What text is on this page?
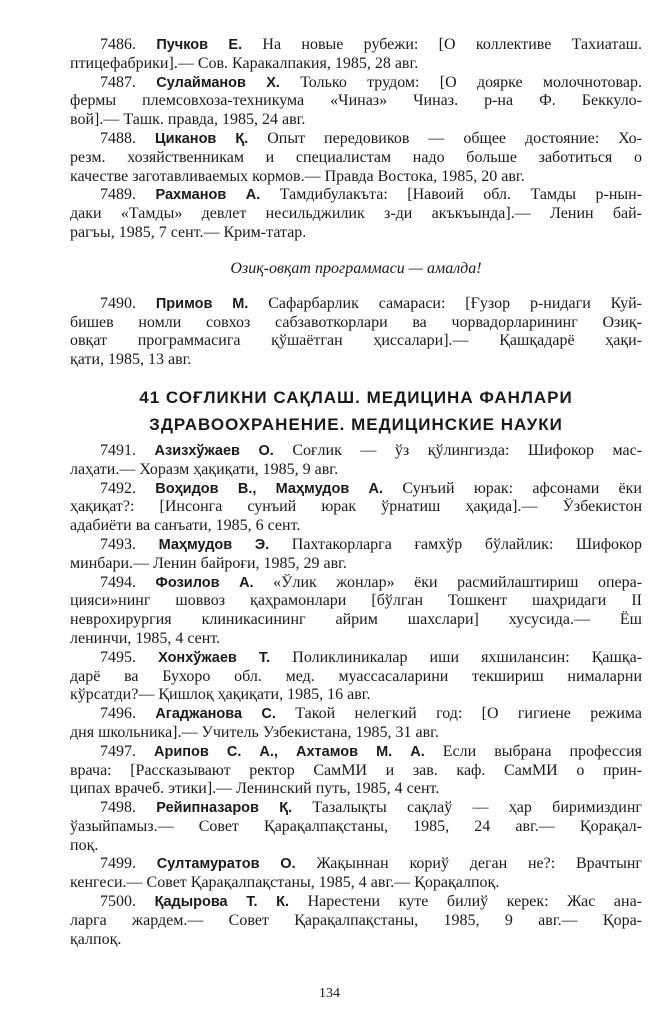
7486. Пучков Е. На новые рубежи: [О коллективе Тахиаташ.
птицефабрики].— Сов. Каракалпакия, 1985, 28 авг.
7487. Сулайманов Х. Только трудом: [О доярке молочнотовар.
фермы племсовхоза-техникума «Чиназ» Чиназ. р-на Ф. Беккуло-
вой].— Ташк. правда, 1985, 24 авг.
7488. Циканов Қ. Опыт передовиков — общее достояние: Хо-
резм. хозяйственникам и специалистам надо больше заботиться о
качестве заготавливаемых кормов.— Правда Востока, 1985, 20 авг.
7489. Рахманов А. Тамдибулакъта: [Навоий обл. Тамды р-нын-
даки «Тамды» девлет несильджилик з-ди акъкъында].— Ленин бай-
рагъы, 1985, 7 сент.— Крим-татар.
Озиқ-овқат программаси — амалда!
7490. Примов М. Сафарбарлик самараси: [Ғузор р-нидаги Куй-
бишев номли совхоз сабзавоткорлари ва чорвадорларининг Озиқ-
овқат программасига қўшаётган ҳиссалари].— Қашқадарё ҳақи-
қати, 1985, 13 авг.
41 СОҒЛИКНИ САҚЛАШ. МЕДИЦИНА ФАНЛАРИ
ЗДРАВООХРАНЕНИЕ. МЕДИЦИНСКИЕ НАУКИ
7491. Азизхўжаев О. Соғлик — ўз қўлингизда: Шифокор мас-
лаҳати.— Хоразм ҳақиқати, 1985, 9 авг.
7492. Воҳидов В., Маҳмудов А. Сунъий юрак: афсонами ёки
ҳақиқат?: [Инсонга сунъий юрак ўрнатиш ҳақида].— Ўзбекистон
адабиёти ва санъати, 1985, 6 сент.
7493. Маҳмудов Э. Пахтакорларга ғамхўр бўлайлик: Шифокор
минбари.— Ленин байроғи, 1985, 29 авг.
7494. Фозилов А. «Ўлик жонлар» ёки расмийлаштириш опера-
цияси»нинг шоввоз қаҳрамонлари [бўлган Тошкент шаҳридаги II
неврохирургия клиникасининг айрим шахслари] хусусида.— Ёш
ленинчи, 1985, 4 сент.
7495. Хонхўжаев Т. Поликлиникалар иши яхшилансин: Қашқа-
дарё ва Бухоро обл. мед. муассасаларини текшириш нималарни
кўрсатди?— Қишлоқ ҳақиқати, 1985, 16 авг.
7496. Агаджанова С. Такой нелегкий год: [О гигиене режима
дня школьника].— Учитель Узбекистана, 1985, 31 авг.
7497. Арипов С. А., Ахтамов М. А. Если выбрана профессия
врача: [Рассказывают ректор СамМИ и зав. каф. СамМИ о прин-
ципах врачеб. этики].— Ленинский путь, 1985, 4 сент.
7498. Рейипназаров Қ. Тазалықты сақлаў — ҳар биримиздинг
ўазыйпамыз.— Совет Қарақалпақстаны, 1985, 24 авг.— Қорақал-
поқ.
7499. Султамуратов О. Жақыннан кориў деган не?: Врачтынг
кенгеси.— Совет Қарақалпақстаны, 1985, 4 авг.— Қорақалпоқ.
7500. Қадырова Т. К. Нарестени куте билиў керек: Жас ана-
ларга жардем.— Совет Қарақалпақстаны, 1985, 9 авг.— Қора-
қалпоқ.
134
